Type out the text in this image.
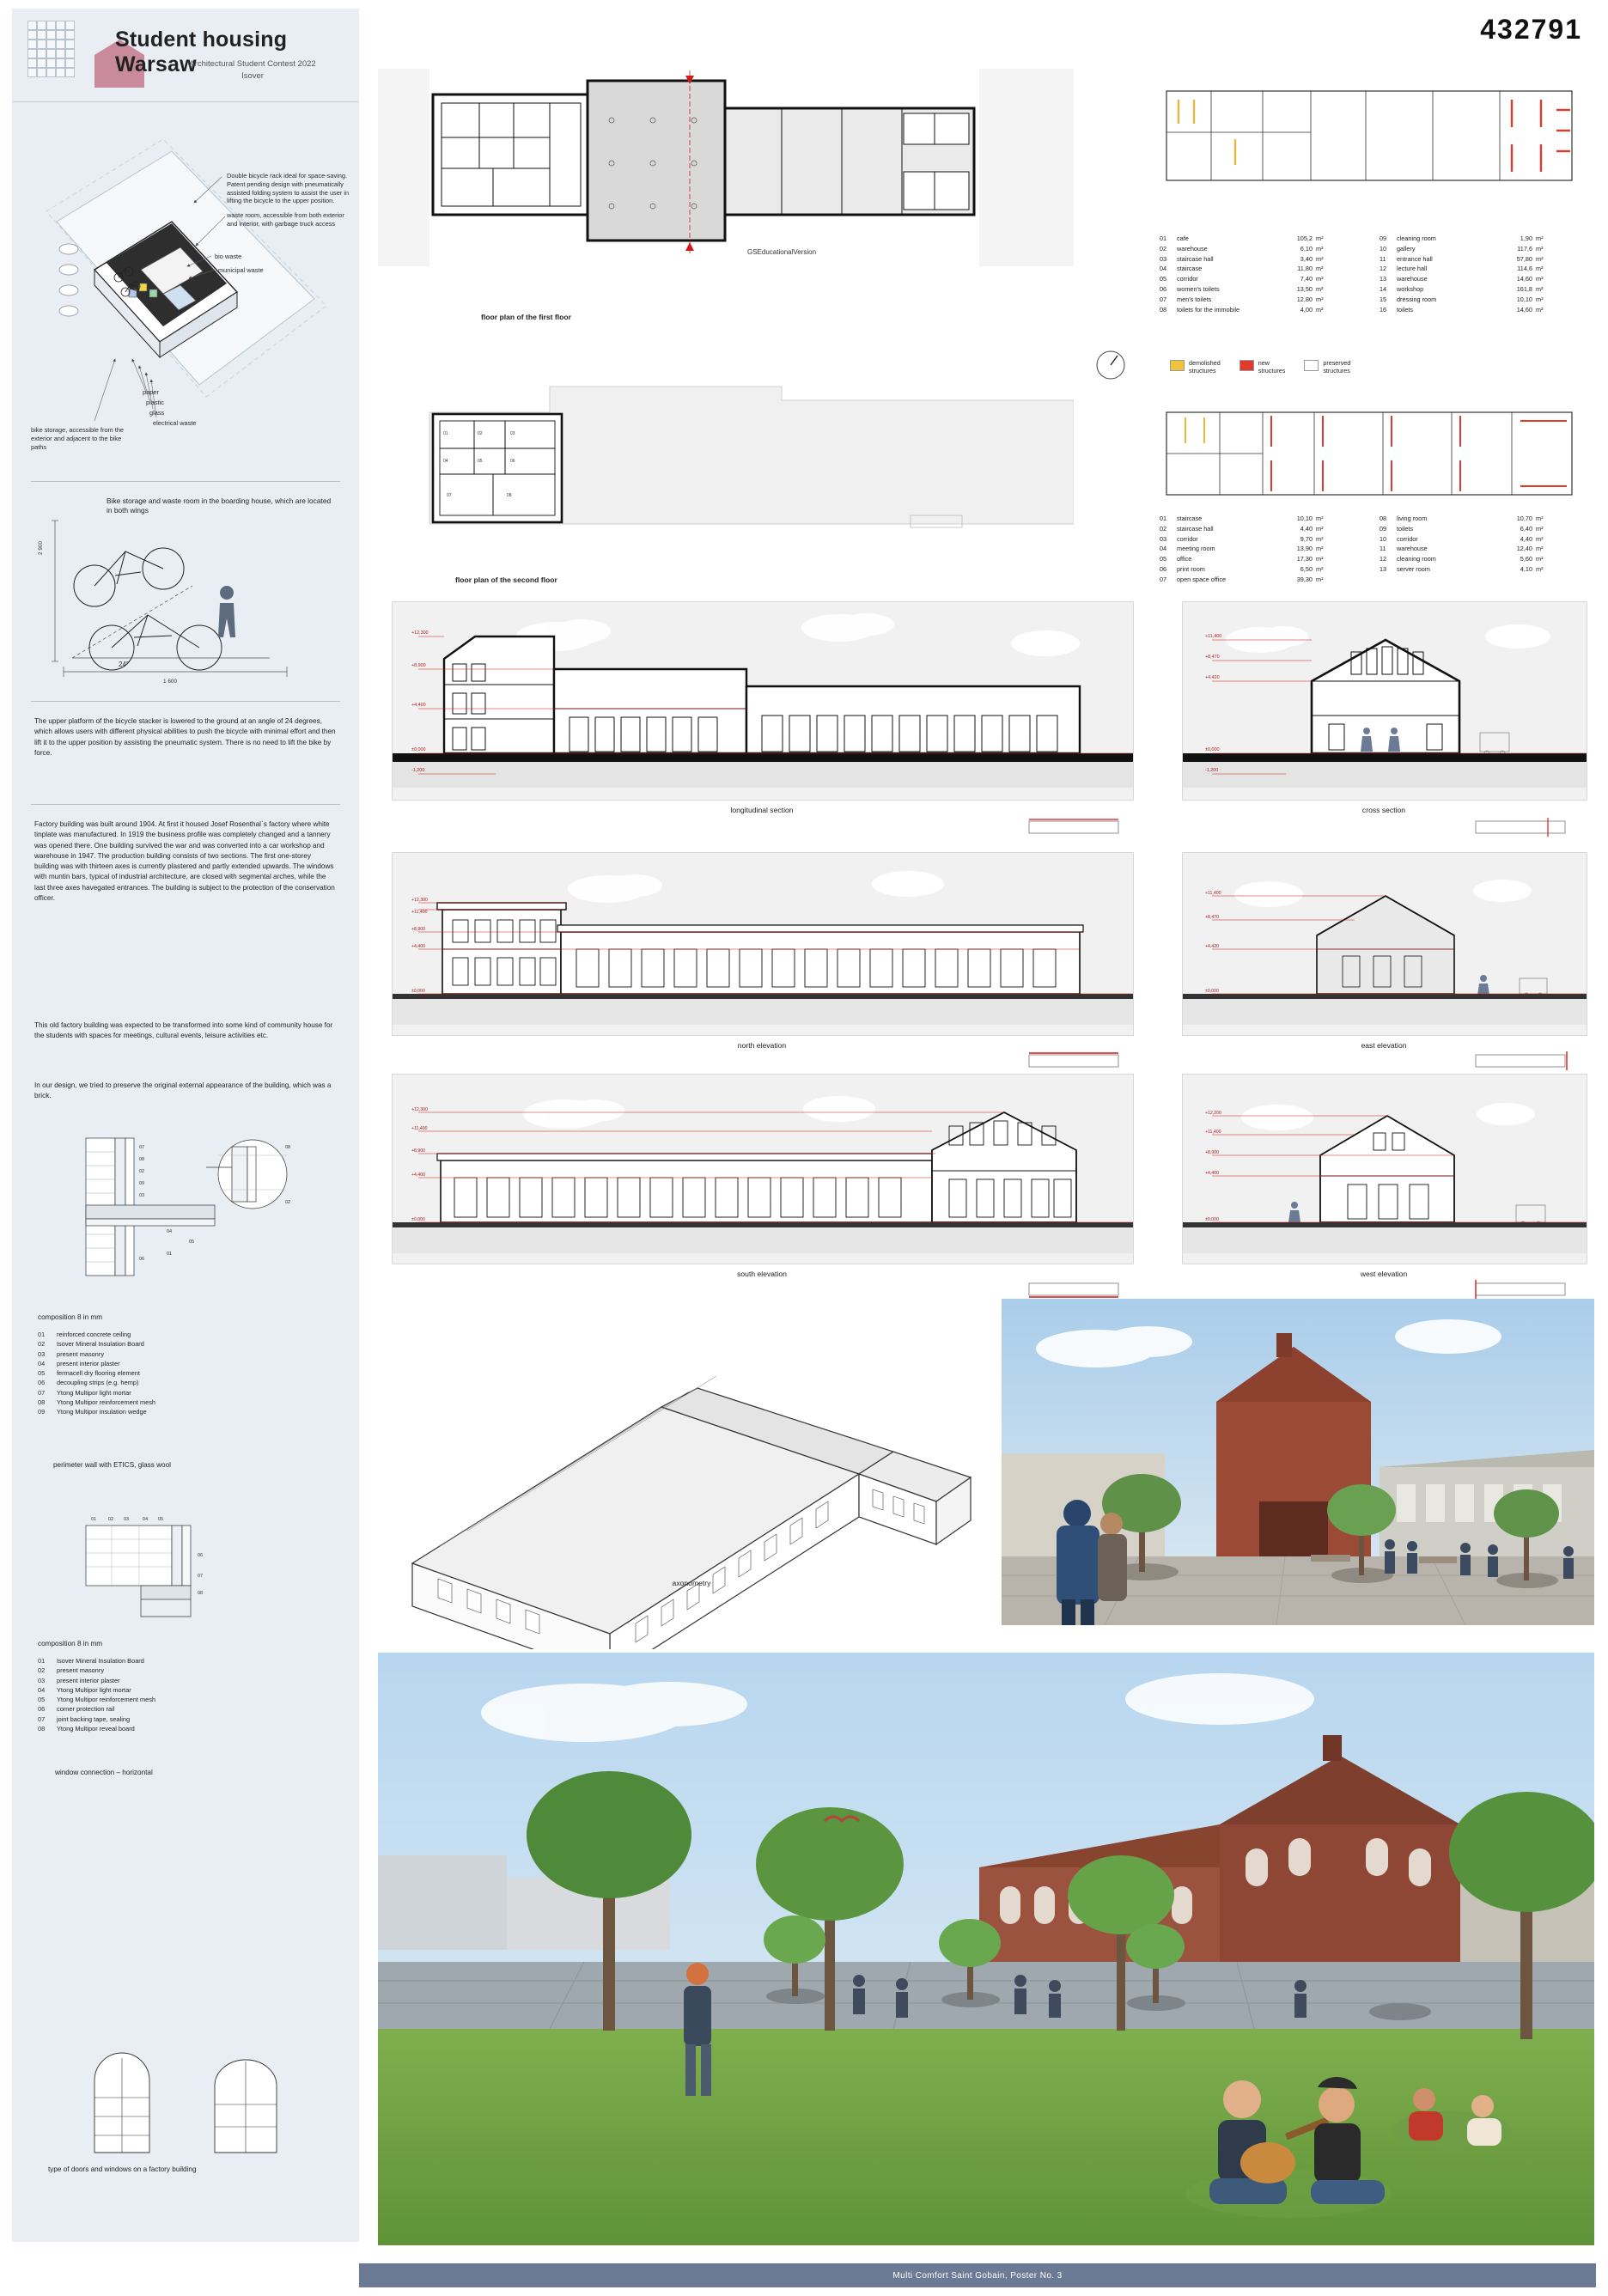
432791
Student housing Warsaw
Architectural Student Contest 2022
Isover
Double bicycle rack ideal for space-saving. Patent pending design with pneumatically assisted folding system to assist the user in lifting the bicycle to the upper position.
waste room, accessible from both exterior and interior, with garbage truck access
bio waste
municipal waste
paper
plastic
glass
electrical waste
bike storage, accessible from the exterior and adjacent to the bike paths
Bike storage and waste room in the boarding house, which are located in both wings
24°
2 900
1 600
The upper platform of the bicycle stacker is lowered to the ground at an angle of 24 degrees, which allows users with different physical abilities to push the bicycle with minimal effort and then lift it to the upper position by assisting the pneumatic system. There is no need to lift the bike by force.
Factory building was built around 1904. At first it housed Josef Rosenthal`s factory where white tinplate was manufactured. In 1919 the business profile was completely changed and a tannery was opened there. One building survived the war and was converted into a car workshop and warehouse in 1947. The production building consists of two sections. The first one-storey building was with thirteen axes is currently plastered and partly extended upwards. The windows with muntin bars, typical of industrial architecture, are closed with segmental arches, while the last three axes havegated entrances. The building is subject to the protection of the conservation officer.
This old factory building was expected to be transformed into some kind of community house for the students with spaces for meetings, cultural events, leisure activities etc.
In our design, we tried to preserve the original external appearance of the building, which was a brick.
07
08
02
09
03
04
05
01
06
08
02
composition 8 in mm
01	reinforced concrete ceiling
02	Isover Mineral Insulation Board
03	present masonry
04	present interior plaster
05	fermacell dry flooring element
06	decoupling strips (e.g. hemp)
07	Ytong Multipor light mortar
08	Ytong Multipor reinforcement mesh
09	Ytong Multipor insulation wedge
perimeter wall with ETICS, glass wool
01	02 03	04 05
06
07
08
composition 8 in mm
01	Isover Mineral Insulation Board
02	present masonry
03	present interior plaster
04	Ytong Multipor light mortar
05	Ytong Multipor reinforcement mesh
06	corner protection rail
07	joint backing tape, sealing
08	Ytong Multipor reveal board
window connection – horizontal
type of doors and windows on a factory building
GSEducationalVersion
floor plan of the first floor
01	02	03
04	05	06
07	08
floor plan of the second floor
01	cafe	105,2 m²
02	warehouse	6,10 m²
03	staircase hall	3,40 m²
04	staircase	11,80 m²
05	corridor	7,40 m²
06	women's toilets	13,50 m²
07	men's toilets	12,80 m²
08	toilets for the immobile	4,00 m²
09	cleaning room	1,90 m²
10	gallery	117,6 m²
11	entrance hall	57,80 m²
12	lecture hall	114,6 m²
13	warehouse	14,60 m²
14	workshop	161,8 m²
15	dressing room	10,10 m²
16	toilets	14,60 m²
demolished
structures
new
structures
preserved
structures
01	staircase	10,10 m²
02	staircase hall	4,40 m²
03	corridor	9,70 m²
04	meeting room	13,90 m²
05	office	17,30 m²
06	print room	6,50 m²
07	open space office	39,30 m²
08	living room	10,70 m²
09	toilets	6,40 m²
10	corridor	4,40 m²
11	warehouse	12,40 m²
12	cleaning room	5,60 m²
13	server room	4,10 m²
+12,300
+8,900
+4,400
±0,000
-1,200
longitudinal section
+11,400
+8,470
+4,420
±0,000
-1,200
cross section
+12,300
+11,400
+8,900
+4,400
±0,000
north elevation
+11,400
+8,470
+4,420
±0,000
east elevation
+12,300
+11,400
+8,900
+4,400
±0,000
south elevation
+12,200
+11,400
+8,900
+4,400
±0,000
west elevation
axonometry
Multi Comfort Saint Gobain, Poster No. 3
